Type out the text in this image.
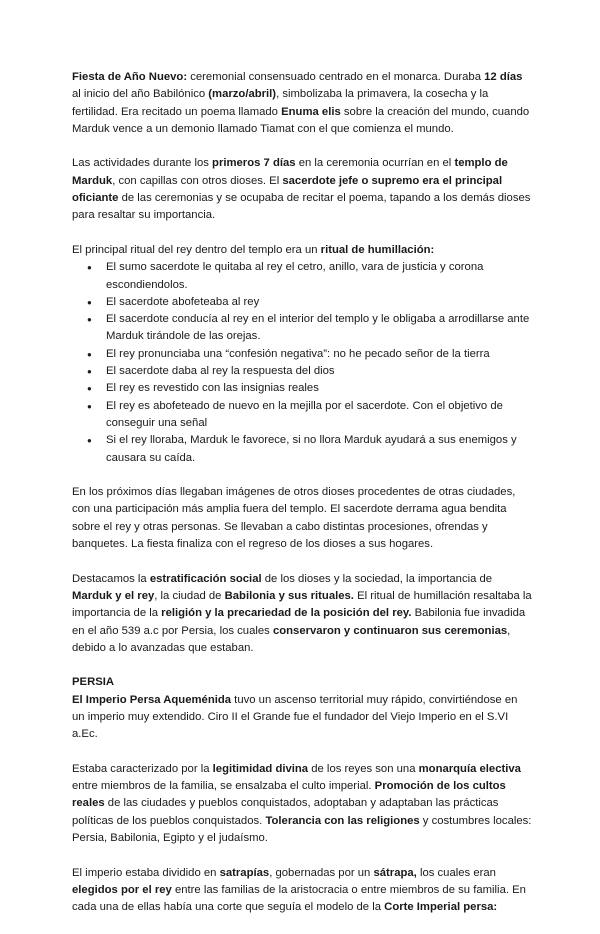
Fiesta de Año Nuevo: ceremonial consensuado centrado en el monarca. Duraba 12 días al inicio del año Babilónico (marzo/abril), simbolizaba la primavera, la cosecha y la fertilidad. Era recitado un poema llamado Enuma elis sobre la creación del mundo, cuando Marduk vence a un demonio llamado Tiamat con el que comienza el mundo.

Las actividades durante los primeros 7 días en la ceremonia ocurrían en el templo de Marduk, con capillas con otros dioses. El sacerdote jefe o supremo era el principal oficiante de las ceremonias y se ocupaba de recitar el poema, tapando a los demás dioses para resaltar su importancia.

El principal ritual del rey dentro del templo era un ritual de humillación:

● El sumo sacerdote le quitaba al rey el cetro, anillo, vara de justicia y corona escondiendolos.
● El sacerdote abofeteaba al rey
● El sacerdote conducía al rey en el interior del templo y le obligaba a arrodillarse ante Marduk tirándole de las orejas.
● El rey pronunciaba una “confesión negativa”: no he pecado señor de la tierra
● El sacerdote daba al rey la respuesta del dios
● El rey es revestido con las insignias reales
● El rey es abofeteado de nuevo en la mejilla por el sacerdote. Con el objetivo de conseguir una señal
● Si el rey lloraba, Marduk le favorece, si no llora Marduk ayudará a sus enemigos y causara su caída.

En los próximos días llegaban imágenes de otros dioses procedentes de otras ciudades, con una participación más amplia fuera del templo. El sacerdote derrama agua bendita sobre el rey y otras personas. Se llevaban a cabo distintas procesiones, ofrendas y banquetes. La fiesta finaliza con el regreso de los dioses a sus hogares.

Destacamos la estratificación social de los dioses y la sociedad, la importancia de Marduk y el rey, la ciudad de Babilonia y sus rituales. El ritual de humillación resaltaba la importancia de la religión y la precariedad de la posición del rey. Babilonia fue invadida en el año 539 a.c por Persia, los cuales conservaron y continuaron sus ceremonias, debido a lo avanzadas que estaban.

PERSIA

El Imperio Persa Aqueménida tuvo un ascenso territorial muy rápido, convirtiéndose en un imperio muy extendido. Ciro II el Grande fue el fundador del Viejo Imperio en el S.VI a.Ec.

Estaba caracterizado por la legitimidad divina de los reyes son una monarquía electiva entre miembros de la familia, se ensalzaba el culto imperial. Promoción de los cultos reales de las ciudades y pueblos conquistados, adoptaban y adaptaban las prácticas políticas de los pueblos conquistados. Tolerancia con las religiones y costumbres locales: Persia, Babilonia, Egipto y el judaísmo.

El imperio estaba dividido en satrapías, gobernadas por un sátrapa, los cuales eran elegidos por el rey entre las familias de la aristocracia o entre miembros de su familia. En cada una de ellas había una corte que seguía el modelo de la Corte Imperial persa:
